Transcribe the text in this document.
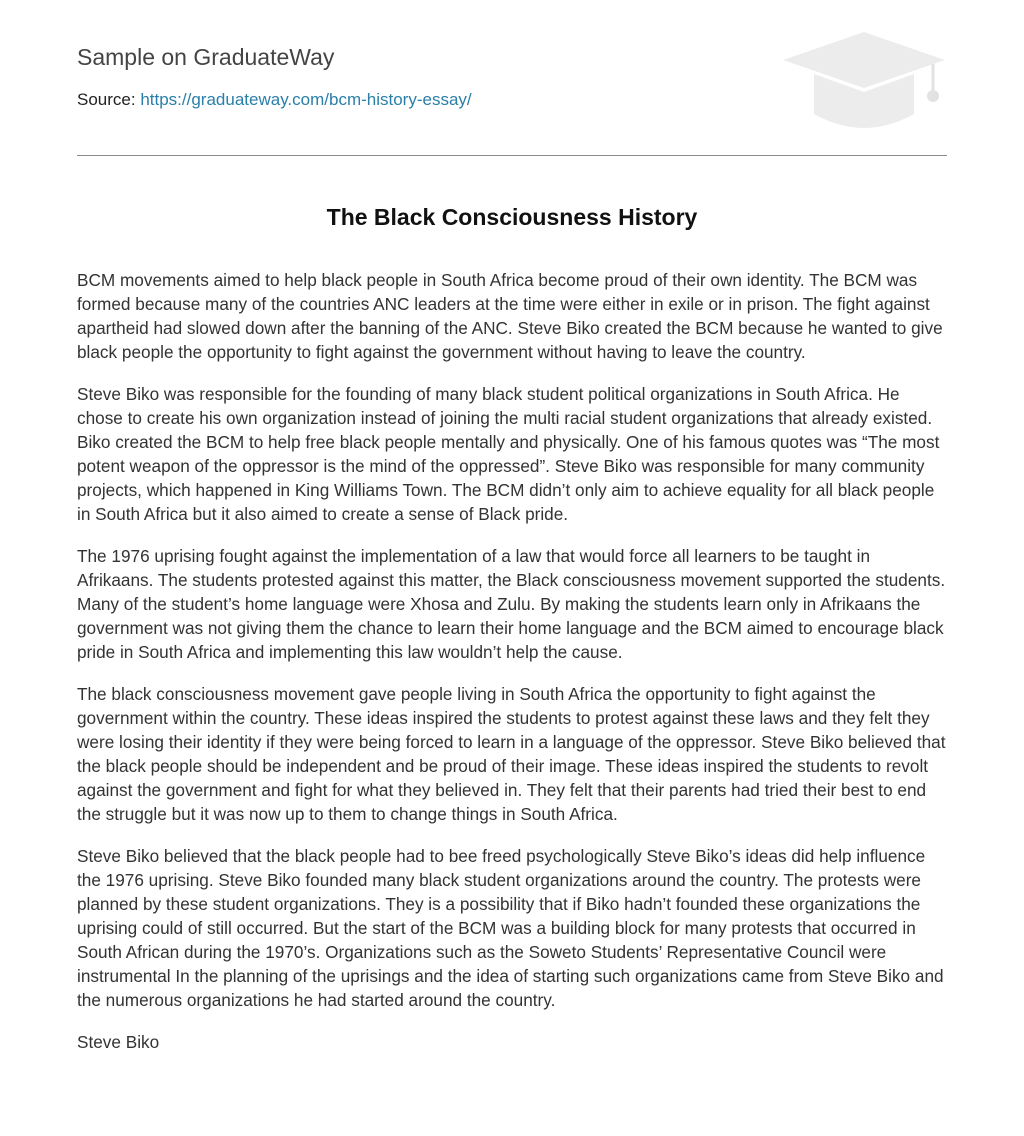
Sample on GraduateWay
Source: https://graduateway.com/bcm-history-essay/
The Black Consciousness History

BCM movements aimed to help black people in South Africa become proud of their own identity. The BCM was formed because many of the countries ANC leaders at the time were either in exile or in prison. The fight against apartheid had slowed down after the banning of the ANC. Steve Biko created the BCM because he wanted to give black people the opportunity to fight against the government without having to leave the country.

Steve Biko was responsible for the founding of many black student political organizations in South Africa. He chose to create his own organization instead of joining the multi racial student organizations that already existed. Biko created the BCM to help free black people mentally and physically. One of his famous quotes was “The most potent weapon of the oppressor is the mind of the oppressed”. Steve Biko was responsible for many community projects, which happened in King Williams Town. The BCM didn’t only aim to achieve equality for all black people in South Africa but it also aimed to create a sense of Black pride.

The 1976 uprising fought against the implementation of a law that would force all learners to be taught in Afrikaans. The students protested against this matter, the Black consciousness movement supported the students. Many of the student’s home language were Xhosa and Zulu. By making the students learn only in Afrikaans the government was not giving them the chance to learn their home language and the BCM aimed to encourage black pride in South Africa and implementing this law wouldn’t help the cause.

The black consciousness movement gave people living in South Africa the opportunity to fight against the government within the country. These ideas inspired the students to protest against these laws and they felt they were losing their identity if they were being forced to learn in a language of the oppressor. Steve Biko believed that the black people should be independent and be proud of their image. These ideas inspired the students to revolt against the government and fight for what they believed in. They felt that their parents had tried their best to end the struggle but it was now up to them to change things in South Africa.

Steve Biko believed that the black people had to bee freed psychologically Steve Biko’s ideas did help influence the 1976 uprising. Steve Biko founded many black student organizations around the country. The protests were planned by these student organizations. They is a possibility that if Biko hadn’t founded these organizations the uprising could of still occurred. But the start of the BCM was a building block for many protests that occurred in South African during the 1970’s. Organizations such as the Soweto Students’ Representative Council were instrumental In the planning of the uprisings and the idea of starting such organizations came from Steve Biko and the numerous organizations he had started around the country.

Steve Biko
